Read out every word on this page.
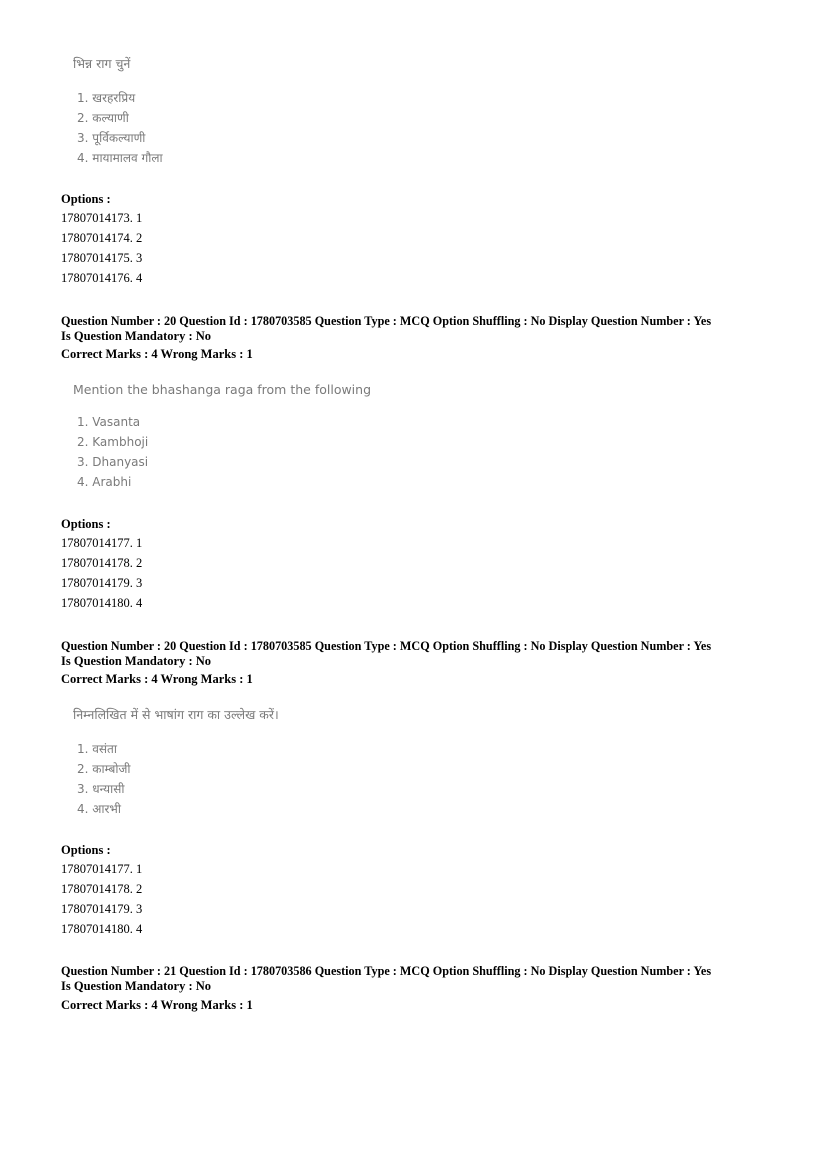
भिन्न राग चुनें
1. खरहरप्रिय
2. कल्याणी
3. पूर्विकल्याणी
4. मायामालव गौला
Options :
17807014173. 1
17807014174. 2
17807014175. 3
17807014176. 4
Question Number : 20 Question Id : 1780703585 Question Type : MCQ Option Shuffling : No Display Question Number : Yes
Is Question Mandatory : No
Correct Marks : 4 Wrong Marks : 1
Mention the bhashanga raga from the following
1. Vasanta
2. Kambhoji
3. Dhanyasi
4. Arabhi
Options :
17807014177. 1
17807014178. 2
17807014179. 3
17807014180. 4
Question Number : 20 Question Id : 1780703585 Question Type : MCQ Option Shuffling : No Display Question Number : Yes
Is Question Mandatory : No
Correct Marks : 4 Wrong Marks : 1
निम्नलिखित में से भाषांग राग का उल्लेख करें।
1. वसंता
2. काम्बोजी
3. धन्यासी
4. आरभी
Options :
17807014177. 1
17807014178. 2
17807014179. 3
17807014180. 4
Question Number : 21 Question Id : 1780703586 Question Type : MCQ Option Shuffling : No Display Question Number : Yes
Is Question Mandatory : No
Correct Marks : 4 Wrong Marks : 1
